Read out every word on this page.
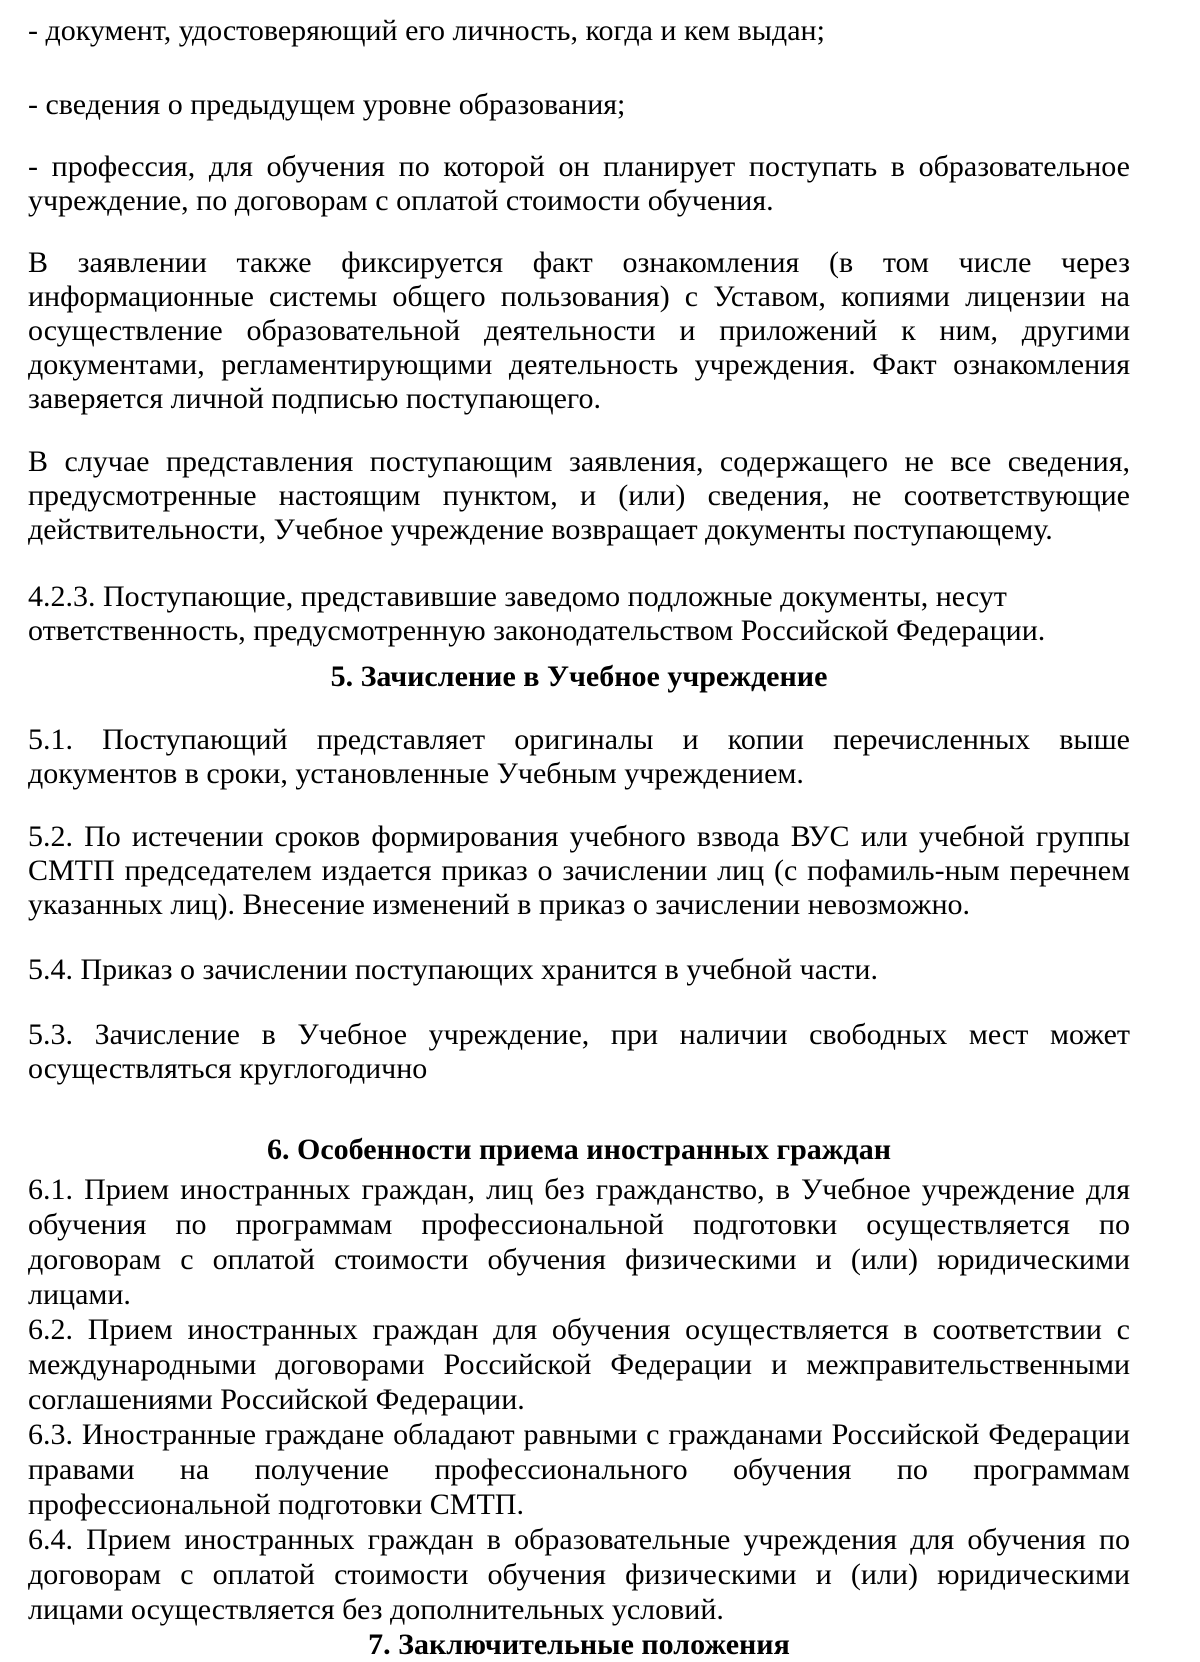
- документ, удостоверяющий его личность, когда и кем выдан;

- сведения о предыдущем уровне образования;

- профессия, для обучения по которой он планирует поступать в образовательное учреждение, по договорам с оплатой стоимости обучения.

В заявлении также фиксируется факт ознакомления (в том числе через информационные системы общего пользования) с Уставом, копиями лицензии на осуществление образовательной деятельности и приложений к ним, другими документами, регламентирующими деятельность учреждения. Факт ознакомления заверяется личной подписью поступающего.

В случае представления поступающим заявления, содержащего не все сведения, предусмотренные настоящим пунктом, и (или) сведения, не соответствующие действительности, Учебное учреждение возвращает документы поступающему.

4.2.3. Поступающие, представившие заведомо подложные документы, несут ответственность, предусмотренную законодательством Российской Федерации.

5. Зачисление в Учебное учреждение

5.1. Поступающий представляет оригиналы и копии перечисленных выше документов в сроки, установленные Учебным учреждением.

5.2. По истечении сроков формирования учебного взвода ВУС или учебной группы СМТП председателем издается приказ о зачислении лиц (с пофамиль-ным перечнем указанных лиц). Внесение изменений в приказ о зачислении невозможно.

5.4. Приказ о зачислении поступающих хранится в учебной части.

5.3. Зачисление в Учебное учреждение, при наличии свободных мест может осуществляться круглогодично

6. Особенности приема иностранных граждан

6.1. Прием иностранных граждан, лиц без гражданство, в Учебное учреждение для обучения по программам профессиональной подготовки осуществляется по договорам с оплатой стоимости обучения физическими и (или) юридическими лицами.

6.2. Прием иностранных граждан для обучения осуществляется в соответствии с международными договорами Российской Федерации и межправительственными соглашениями Российской Федерации.

6.3. Иностранные граждане обладают равными с гражданами Российской Федерации правами на получение профессионального обучения по программам профессиональной подготовки СМТП.

6.4. Прием иностранных граждан в образовательные учреждения для обучения по договорам с оплатой стоимости обучения физическими и (или) юридическими лицами осуществляется без дополнительных условий.

7. Заключительные положения
